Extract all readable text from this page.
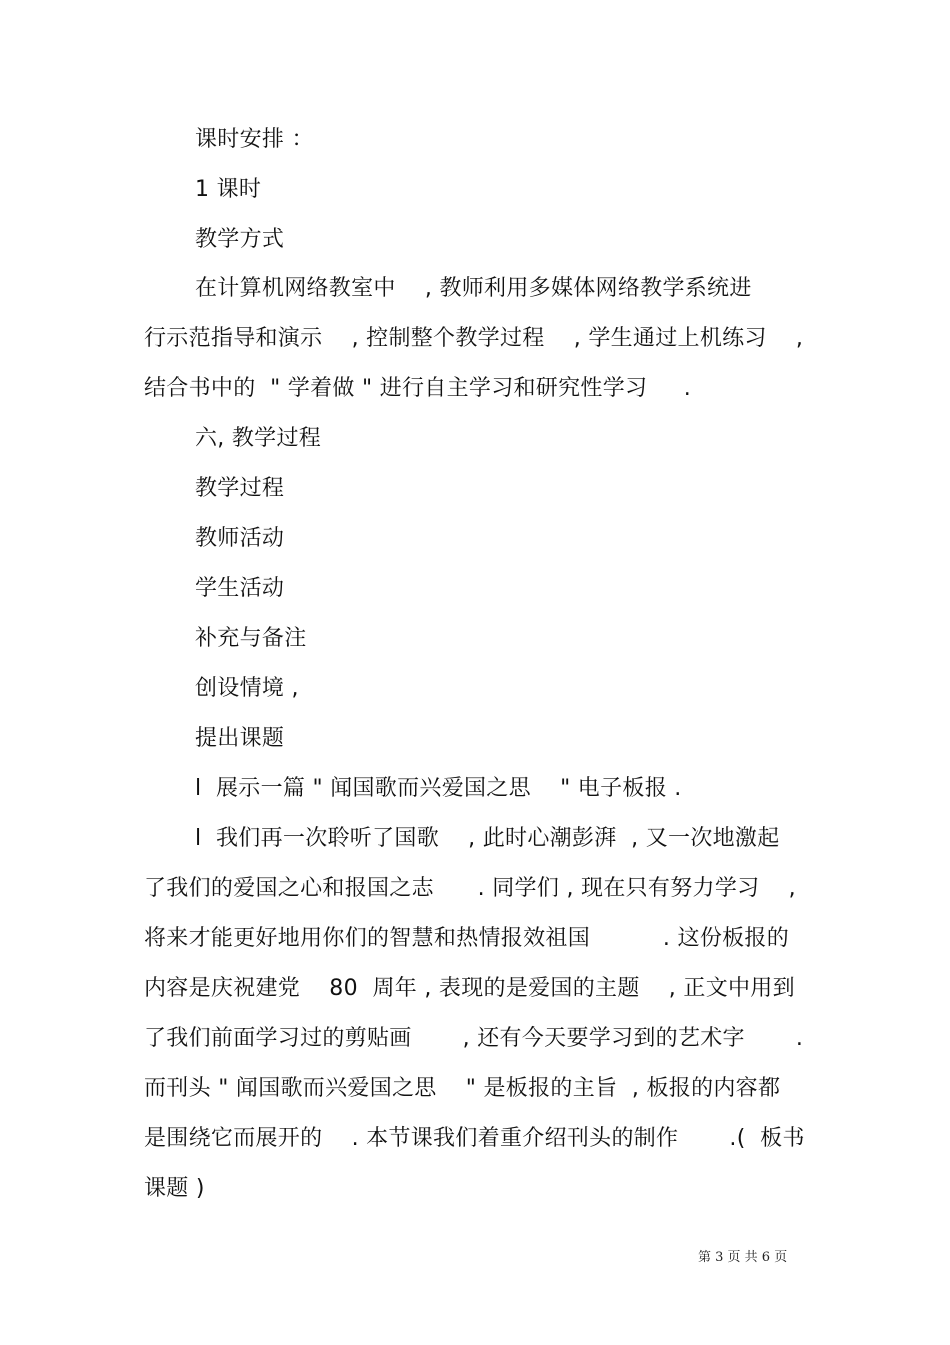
课时安排 ：
1 课时
教学方式
在计算机网络教室中    , 教师利用多媒体网络教学系统进
行示范指导和演示    , 控制整个教学过程    , 学生通过上机练习    ,
结合书中的  " 学着做 " 进行自主学习和研究性学习     .
六, 教学过程
教学过程
教师活动
学生活动
补充与备注
创设情境 ,
提出课题
l  展示一篇 " 闻国歌而兴爱国之思    " 电子板报 .
l  我们再一次聆听了国歌    , 此时心潮彭湃  , 又一次地激起
了我们的爱国之心和报国之志      . 同学们 , 现在只有努力学习    ,
将来才能更好地用你们的智慧和热情报效祖国          . 这份板报的
内容是庆祝建党    80  周年 , 表现的是爱国的主题    , 正文中用到
了我们前面学习过的剪贴画       , 还有今天要学习到的艺术字       .
而刊头 " 闻国歌而兴爱国之思    " 是板报的主旨  , 板报的内容都
是围绕它而展开的    . 本节课我们着重介绍刊头的制作       .(  板书
课题 )
第 3 页 共 6 页
